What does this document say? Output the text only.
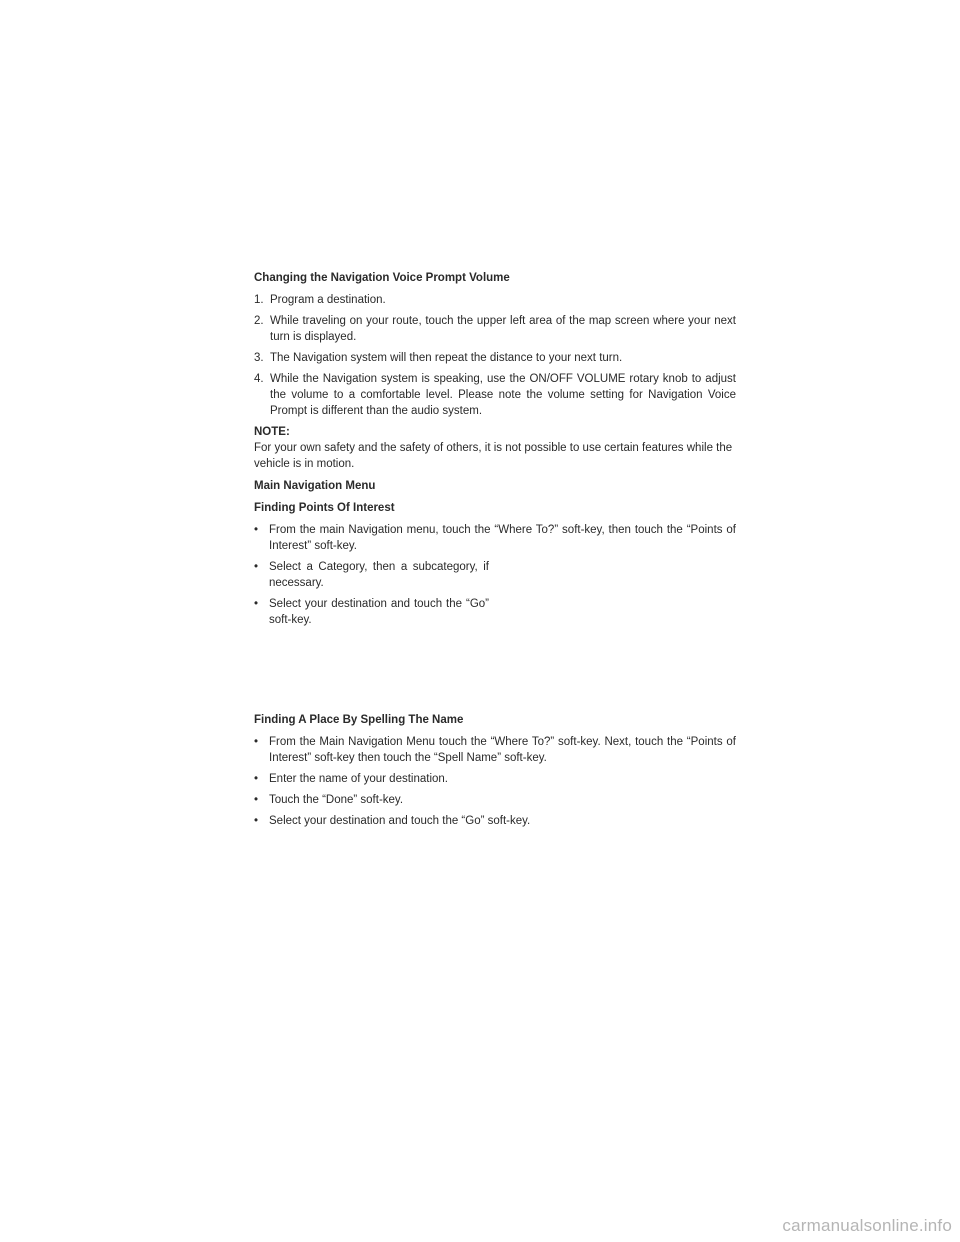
Changing the Navigation Voice Prompt Volume
1. Program a destination.
2. While traveling on your route, touch the upper left area of the map screen where your next turn is displayed.
3. The Navigation system will then repeat the distance to your next turn.
4. While the Navigation system is speaking, use the ON/OFF VOLUME rotary knob to adjust the volume to a comfortable level. Please note the volume setting for Navigation Voice Prompt is different than the audio system.
NOTE:
For your own safety and the safety of others, it is not possible to use certain features while the vehicle is in motion.
Main Navigation Menu
Finding Points Of Interest
• From the main Navigation menu, touch the “Where To?” soft-key, then touch the “Points of Interest” soft-key.
• Select a Category, then a subcategory, if necessary.
• Select your destination and touch the “Go” soft-key.
Finding A Place By Spelling The Name
• From the Main Navigation Menu touch the “Where To?” soft-key. Next, touch the “Points of Interest” soft-key then touch the “Spell Name” soft-key.
• Enter the name of your destination.
• Touch the “Done” soft-key.
• Select your destination and touch the “Go” soft-key.
carmanualsonline.info
